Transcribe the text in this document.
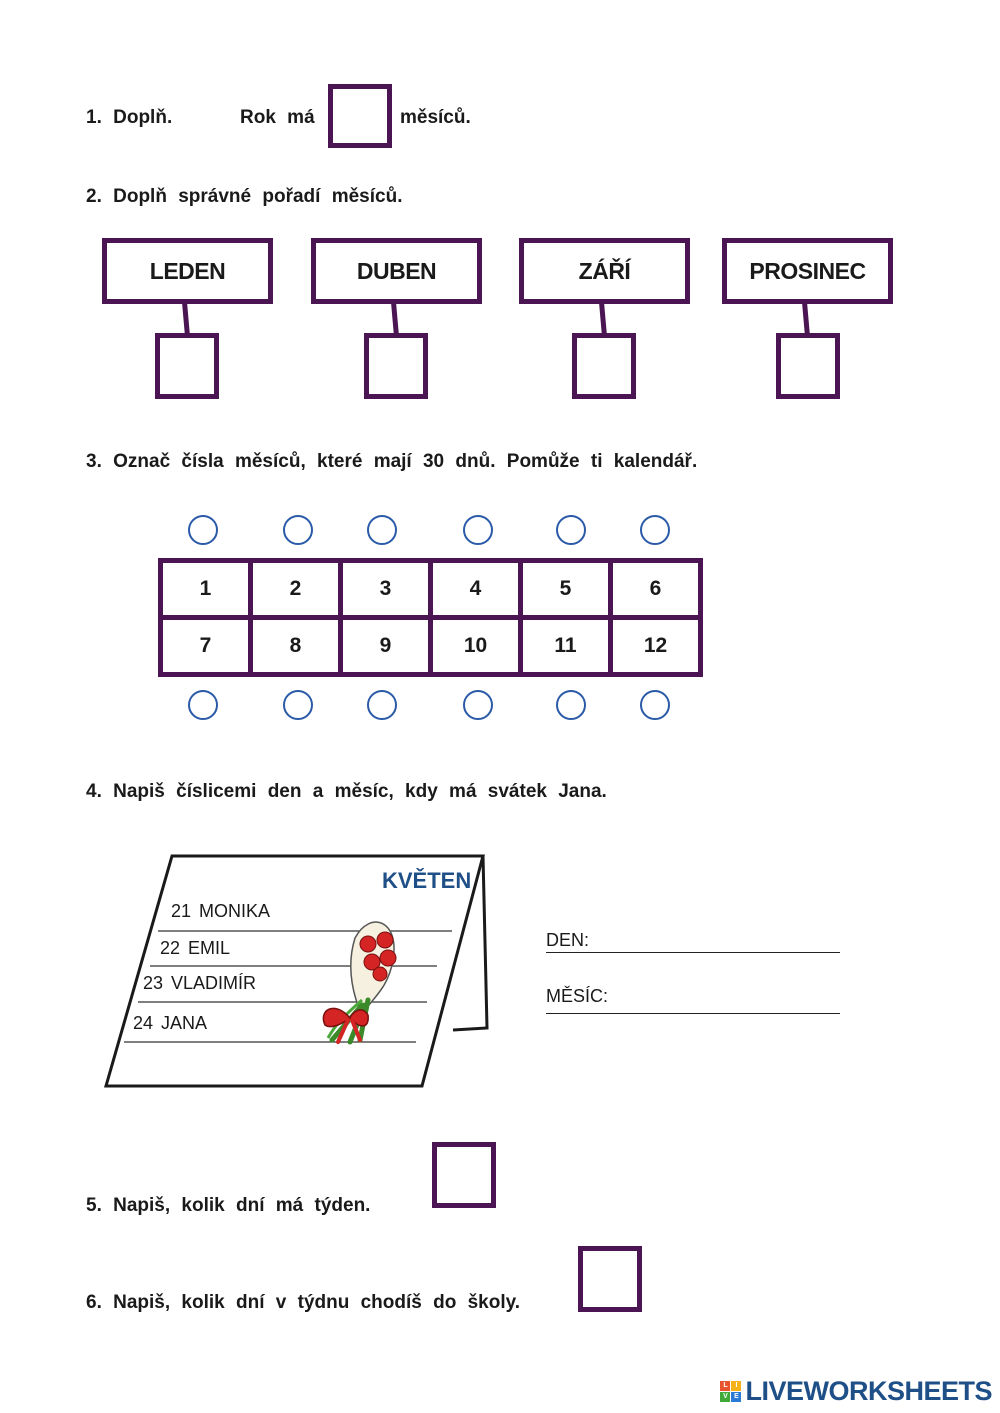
1. Doplň.	Rok má	měsíců.
2. Doplň správné pořadí měsíců.
LEDEN	DUBEN	ZÁŘÍ	PROSINEC
3. Označ čísla měsíců, které mají 30 dnů. Pomůže ti kalendář.
1	2	3	4	5	6
7	8	9	10	11	12
4. Napiš číslicemi den a měsíc, kdy má svátek Jana.
KVĚTEN
21 MONIKA
22 EMIL
23 VLADIMÍR
24 JANA
DEN:
MĚSÍC:
5. Napiš, kolik dní má týden.
6. Napiš, kolik dní v týdnu chodíš do školy.
L	I
V E LIVEWORKSHEETS
